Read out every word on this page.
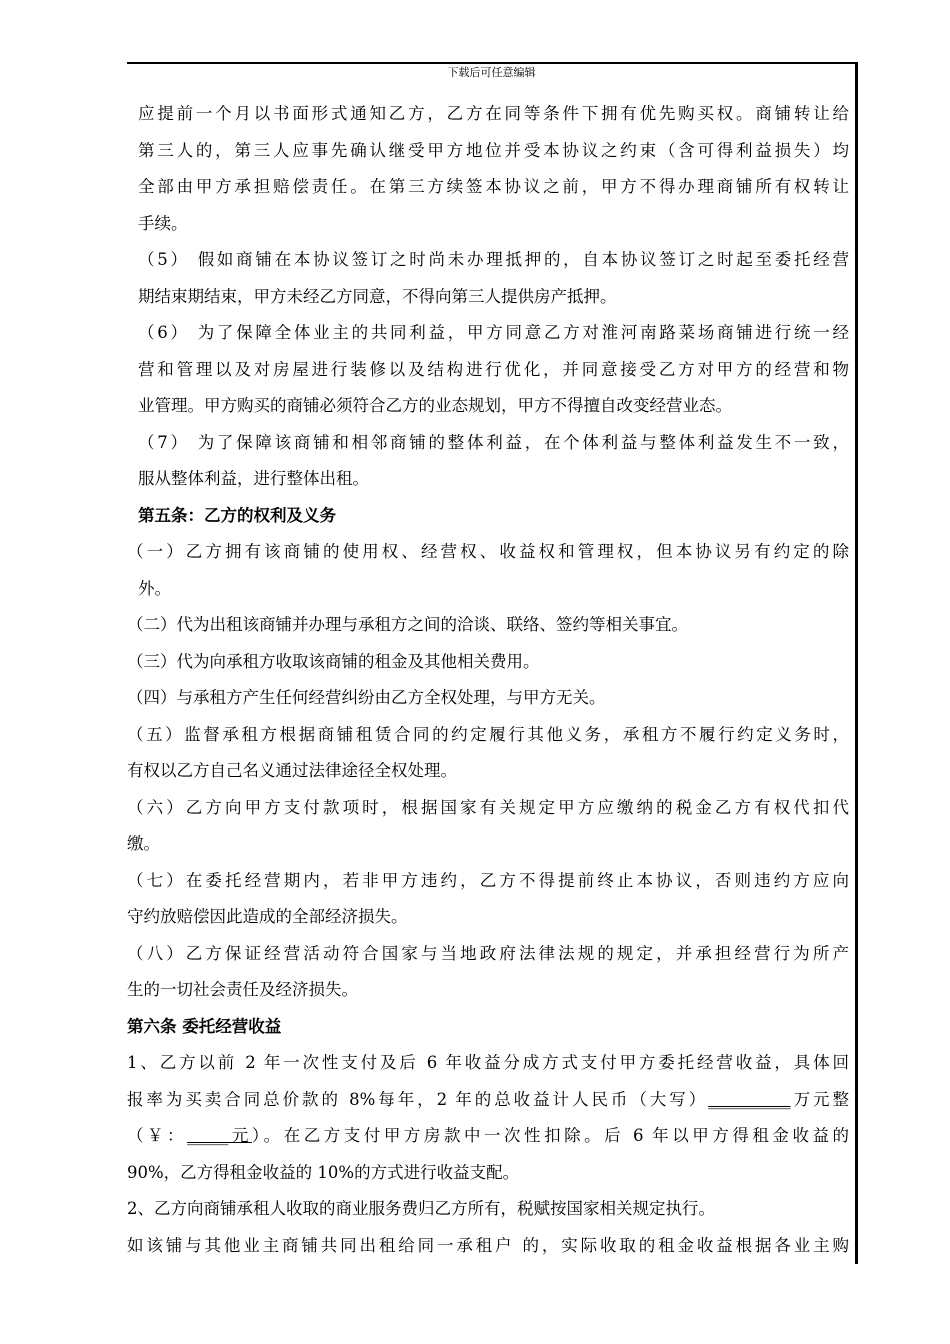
下载后可任意编辑
应提前一个月以书面形式通知乙方，乙方在同等条件下拥有优先购买权。商铺转让给
第三人的，第三人应事先确认继受甲方地位并受本协议之约束（含可得利益损失）均
全部由甲方承担赔偿责任。在第三方续签本协议之前，甲方不得办理商铺所有权转让
手续。
（5） 假如商铺在本协议签订之时尚未办理抵押的，自本协议签订之时起至委托经营
期结束期结束，甲方未经乙方同意，不得向第三人提供房产抵押。
（6） 为了保障全体业主的共同利益，甲方同意乙方对淮河南路菜场商铺进行统一经
营和管理以及对房屋进行装修以及结构进行优化，并同意接受乙方对甲方的经营和物
业管理。甲方购买的商铺必须符合乙方的业态规划，甲方不得擅自改变经营业态。
（7） 为了保障该商铺和相邻商铺的整体利益，在个体利益与整体利益发生不一致，
服从整体利益，进行整体出租。
第五条：乙方的权利及义务
（一）乙方拥有该商铺的使用权、经营权、收益权和管理权，但本协议另有约定的除
外。
（二）代为出租该商铺并办理与承租方之间的洽谈、联络、签约等相关事宜。
（三）代为向承租方收取该商铺的租金及其他相关费用。
（四）与承租方产生任何经营纠纷由乙方全权处理，与甲方无关。
（五）监督承租方根据商铺租赁合同的约定履行其他义务，承租方不履行约定义务时，
有权以乙方自己名义通过法律途径全权处理。
（六）乙方向甲方支付款项时，根据国家有关规定甲方应缴纳的税金乙方有权代扣代
缴。
（七）在委托经营期内，若非甲方违约，乙方不得提前终止本协议，否则违约方应向
守约放赔偿因此造成的全部经济损失。
（八）乙方保证经营活动符合国家与当地政府法律法规的规定，并承担经营行为所产
生的一切社会责任及经济损失。
第六条 委托经营收益
1、乙方以前 2 年一次性支付及后 6 年收益分成方式支付甲方委托经营收益，具体回
报率为买卖合同总价款的 8%每年，2 年的总收益计人民币（大写）__________万元整
（￥：_____元）。在乙方支付甲方房款中一次性扣除。后 6 年以甲方得租金收益的
90%，乙方得租金收益的 10%的方式进行收益支配。
2、乙方向商铺承租人收取的商业服务费归乙方所有，税赋按国家相关规定执行。
如该铺与其他业主商铺共同出租给同一承租户 的，实际收取的租金收益根据各业主购
